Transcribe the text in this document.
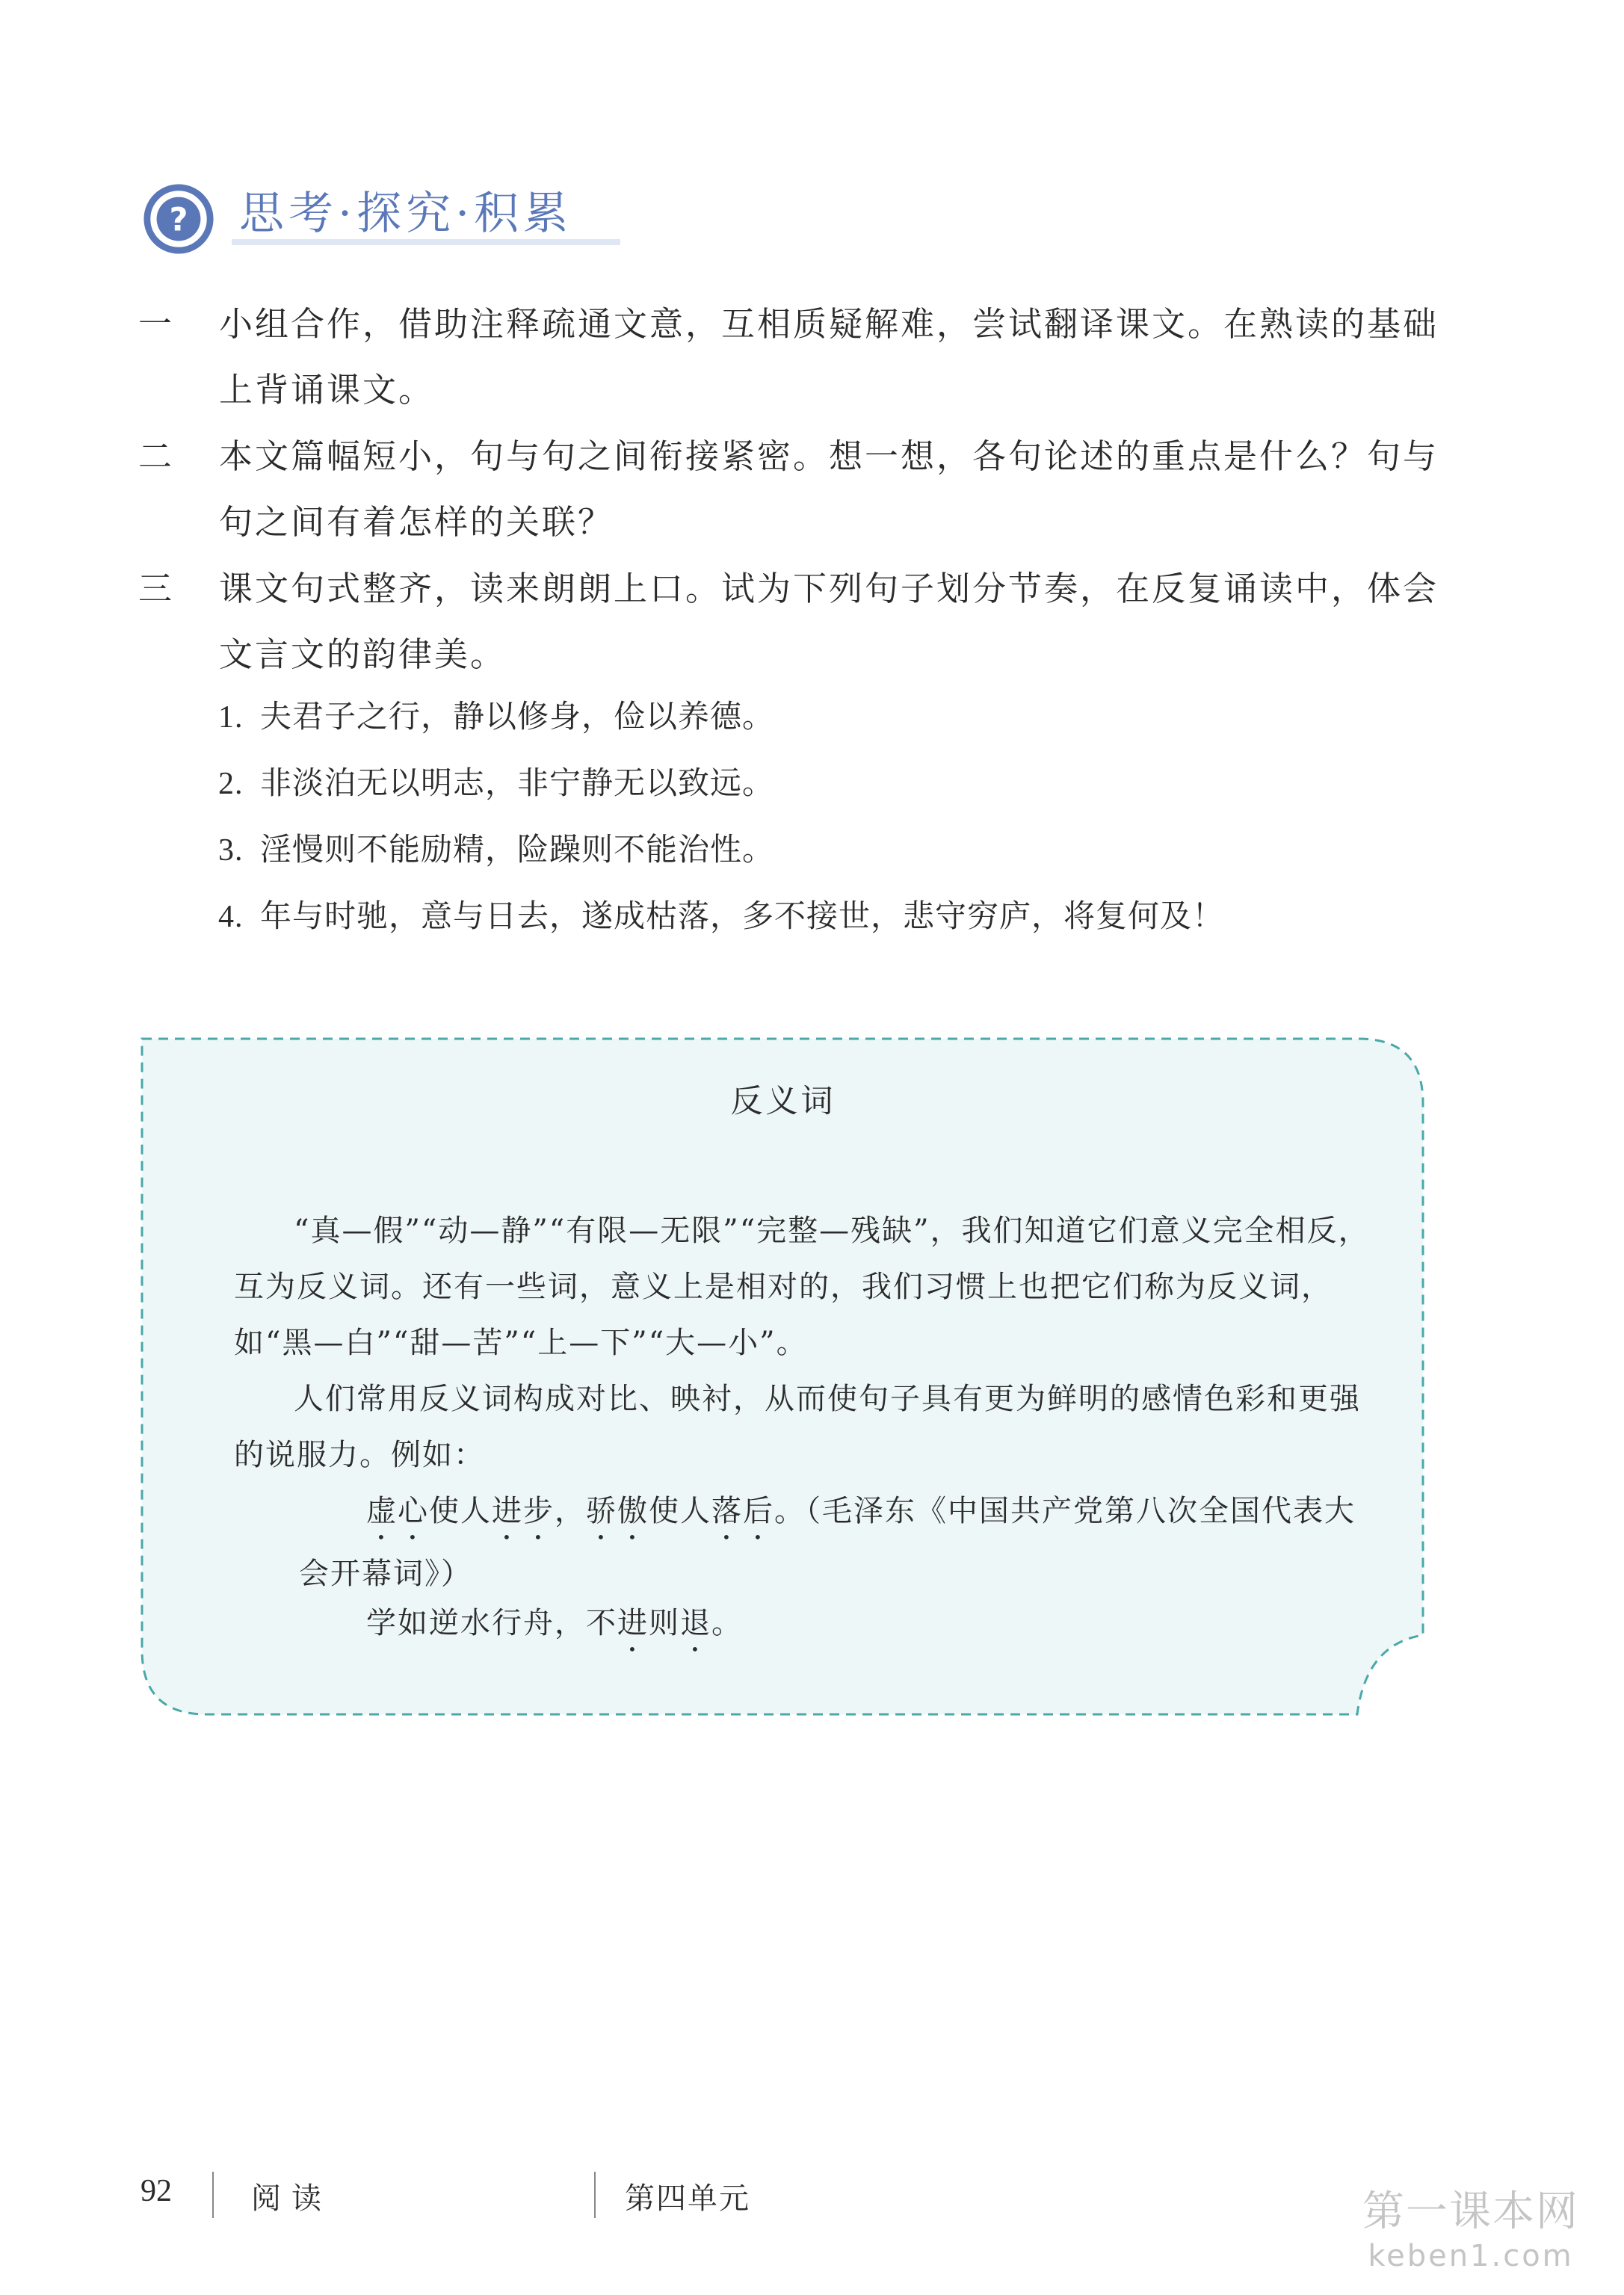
? 思考·探究·积累
一	小组合作，借助注释疏通文意，互相质疑解难，尝试翻译课文。在熟读的基础上背诵课文。
二	本文篇幅短小，句与句之间衔接紧密。想一想，各句论述的重点是什么？句与句之间有着怎样的关联？
三	课文句式整齐，读来朗朗上口。试为下列句子划分节奏，在反复诵读中，体会文言文的韵律美。
1. 夫君子之行，静以修身，俭以养德。
2. 非淡泊无以明志，非宁静无以致远。
3. 淫慢则不能励精，险躁则不能治性。
4. 年与时驰，意与日去，遂成枯落，多不接世，悲守穷庐，将复何及！
反义词
“真—假”“动—静”“有限—无限”“完整—残缺”，我们知道它们意义完全相反，互为反义词。还有一些词，意义上是相对的，我们习惯上也把它们称为反义词，如“黑—白”“甜—苦”“上—下”“大—小”。
人们常用反义词构成对比、映衬，从而使句子具有更为鲜明的感情色彩和更强的说服力。例如：
虚心使人进步，骄傲使人落后。（毛泽东《中国共产党第八次全国代表大会开幕词》）
学如逆水行舟，不进则退。
92	阅读	第四单元	第一课本网
keben1.com
